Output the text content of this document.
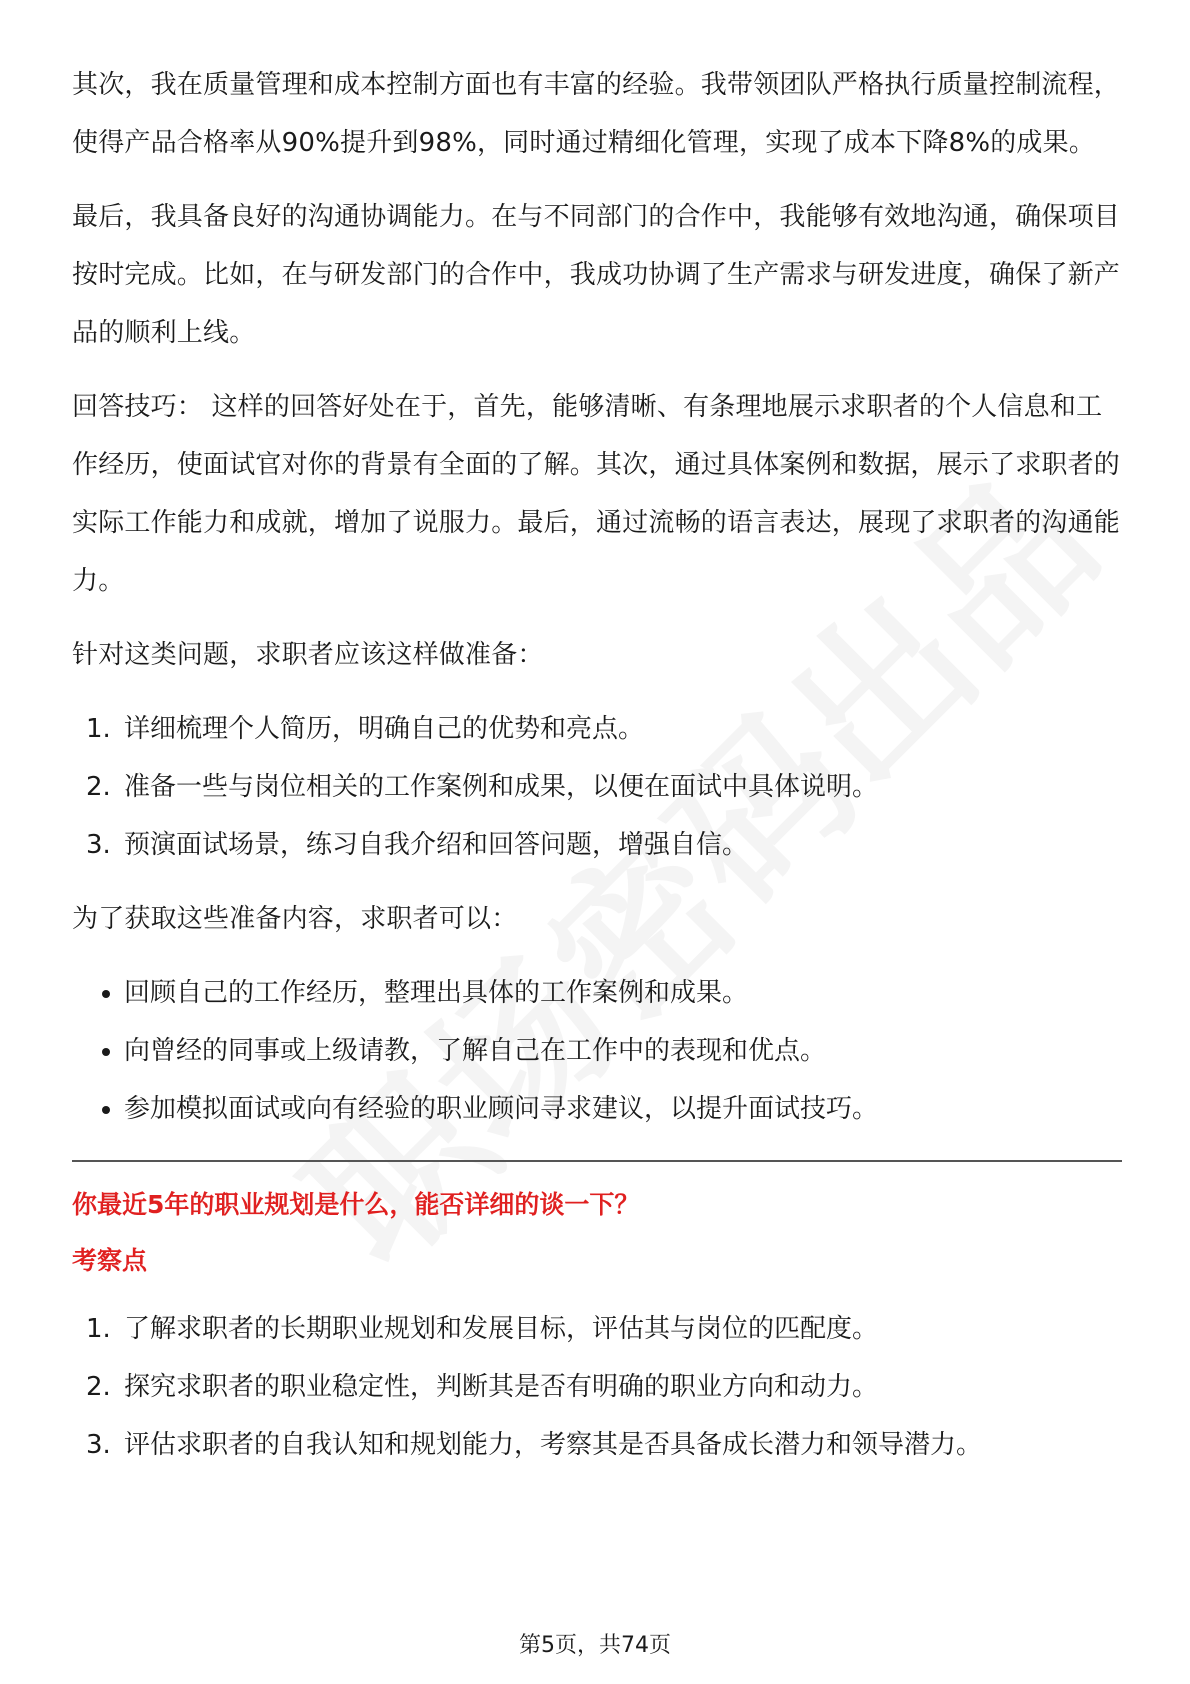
其次，我在质量管理和成本控制方面也有丰富的经验。我带领团队严格执行质量控制流程，使得产品合格率从90%提升到98%，同时通过精细化管理，实现了成本下降8%的成果。

最后，我具备良好的沟通协调能力。在与不同部门的合作中，我能够有效地沟通，确保项目按时完成。比如，在与研发部门的合作中，我成功协调了生产需求与研发进度，确保了新产品的顺利上线。

回答技巧： 这样的回答好处在于，首先，能够清晰、有条理地展示求职者的个人信息和工作经历，使面试官对你的背景有全面的了解。其次，通过具体案例和数据，展示了求职者的实际工作能力和成就，增加了说服力。最后，通过流畅的语言表达，展现了求职者的沟通能力。

针对这类问题，求职者应该这样做准备：

1. 详细梳理个人简历，明确自己的优势和亮点。
2. 准备一些与岗位相关的工作案例和成果，以便在面试中具体说明。
3. 预演面试场景，练习自我介绍和回答问题，增强自信。

为了获取这些准备内容，求职者可以：

回顾自己的工作经历，整理出具体的工作案例和成果。
向曾经的同事或上级请教，了解自己在工作中的表现和优点。
参加模拟面试或向有经验的职业顾问寻求建议，以提升面试技巧。
你最近5年的职业规划是什么，能否详细的谈一下？
考察点
1. 了解求职者的长期职业规划和发展目标，评估其与岗位的匹配度。
2. 探究求职者的职业稳定性，判断其是否有明确的职业方向和动力。
3. 评估求职者的自我认知和规划能力，考察其是否具备成长潜力和领导潜力。
第5页，共74页
